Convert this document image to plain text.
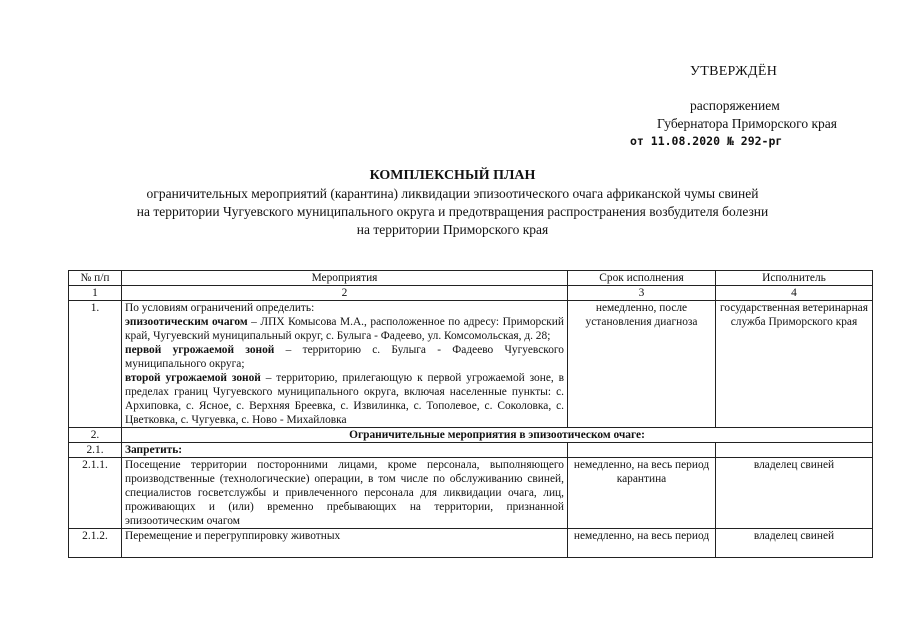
УТВЕРЖДЁН
распоряжением
Губернатора Приморского края
от 11.08.2020 № 292-рг
КОМПЛЕКСНЫЙ ПЛАН
ограничительных мероприятий (карантина) ликвидации эпизоотического очага африканской чумы свиней
на территории Чугуевского муниципального округа и предотвращения распространения возбудителя болезни
на территории Приморского края
№ п/п	Мероприятия	Срок исполнения	Исполнитель
1	2	3	4
1.	По условиям ограничений определить:
эпизоотическим очагом – ЛПХ Комысова М.А., расположенное по адресу: Приморский край, Чугуевский муниципальный округ, с. Булыга - Фадеево, ул. Комсомольская, д. 28;
первой угрожаемой зоной – территорию с. Булыга - Фадеево Чугуевского муниципального округа;
второй угрожаемой зоной – территорию, прилегающую к первой угрожаемой зоне, в пределах границ Чугуевского муниципального округа, включая населенные пункты: с. Архиповка, с. Ясное, с. Верхняя Бреевка, с. Извилинка, с. Тополевое, с. Соколовка, с. Цветковка, с. Чугуевка, с. Ново - Михайловка	немедленно, после установления диагноза	государственная ветеринарная служба Приморского края
2.	Ограничительные мероприятия в эпизоотическом очаге:		
2.1.	Запретить:		
2.1.1.	Посещение территории посторонними лицами, кроме персонала, выполняющего производственные (технологические) операции, в том числе по обслуживанию свиней, специалистов госветслужбы и привлеченного персонала для ликвидации очага, лиц, проживающих и (или) временно пребывающих на территории, признанной эпизоотическим очагом	немедленно, на весь период карантина	владелец свиней
2.1.2.	Перемещение и перегруппировку животных	немедленно, на весь период	владелец свиней
